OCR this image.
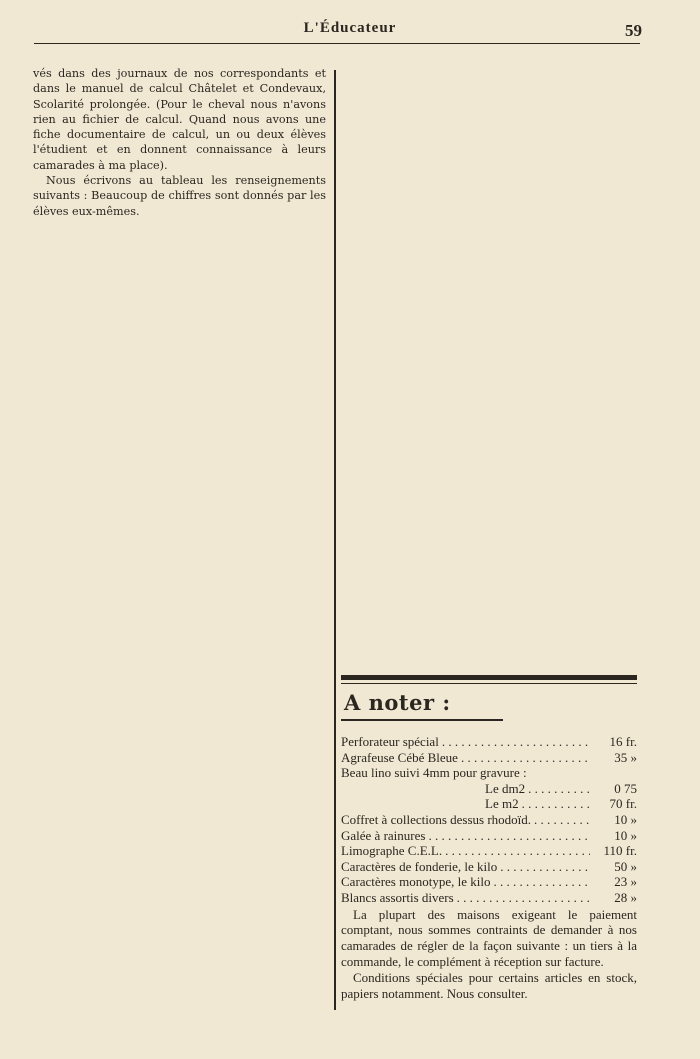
L'Éducateur	59

vés dans des journaux de nos correspondants et dans le manuel de calcul Châtelet et Condevaux, Scolarité prolongée. (Pour le cheval nous n'avons rien au fichier de calcul. Quand nous avons une fiche documentaire de calcul, un ou deux élèves l'étudient et en donnent connaissance à leurs camarades à ma place).

Nous écrivons au tableau les renseignements suivants : Beaucoup de chiffres sont donnés par les élèves eux-mêmes.

A noter :
Perforateur spécial . . .	16 fr.
Agrafeuse Cébé Bleue . . .	35 »
Beau lino suivi 4mm pour gravure :
Le dm2 . . .	0 75
Le m2 . . .	70 fr.
Coffret à collections dessus rhodoïd. . . .	10 »
Galée à rainures . . .	10 »
Limographe C.E.L. . . .	110 fr.
Caractères de fonderie, le kilo . . .	50 »
Caractères monotype, le kilo . . .	23 »
Blancs assortis divers . . .	28 »

La plupart des maisons exigeant le paiement comptant, nous sommes contraints de demander à nos camarades de régler de la façon suivante : un tiers à la commande, le complément à réception sur facture.

Conditions spéciales pour certains articles en stock, papiers notamment. Nous consulter.
